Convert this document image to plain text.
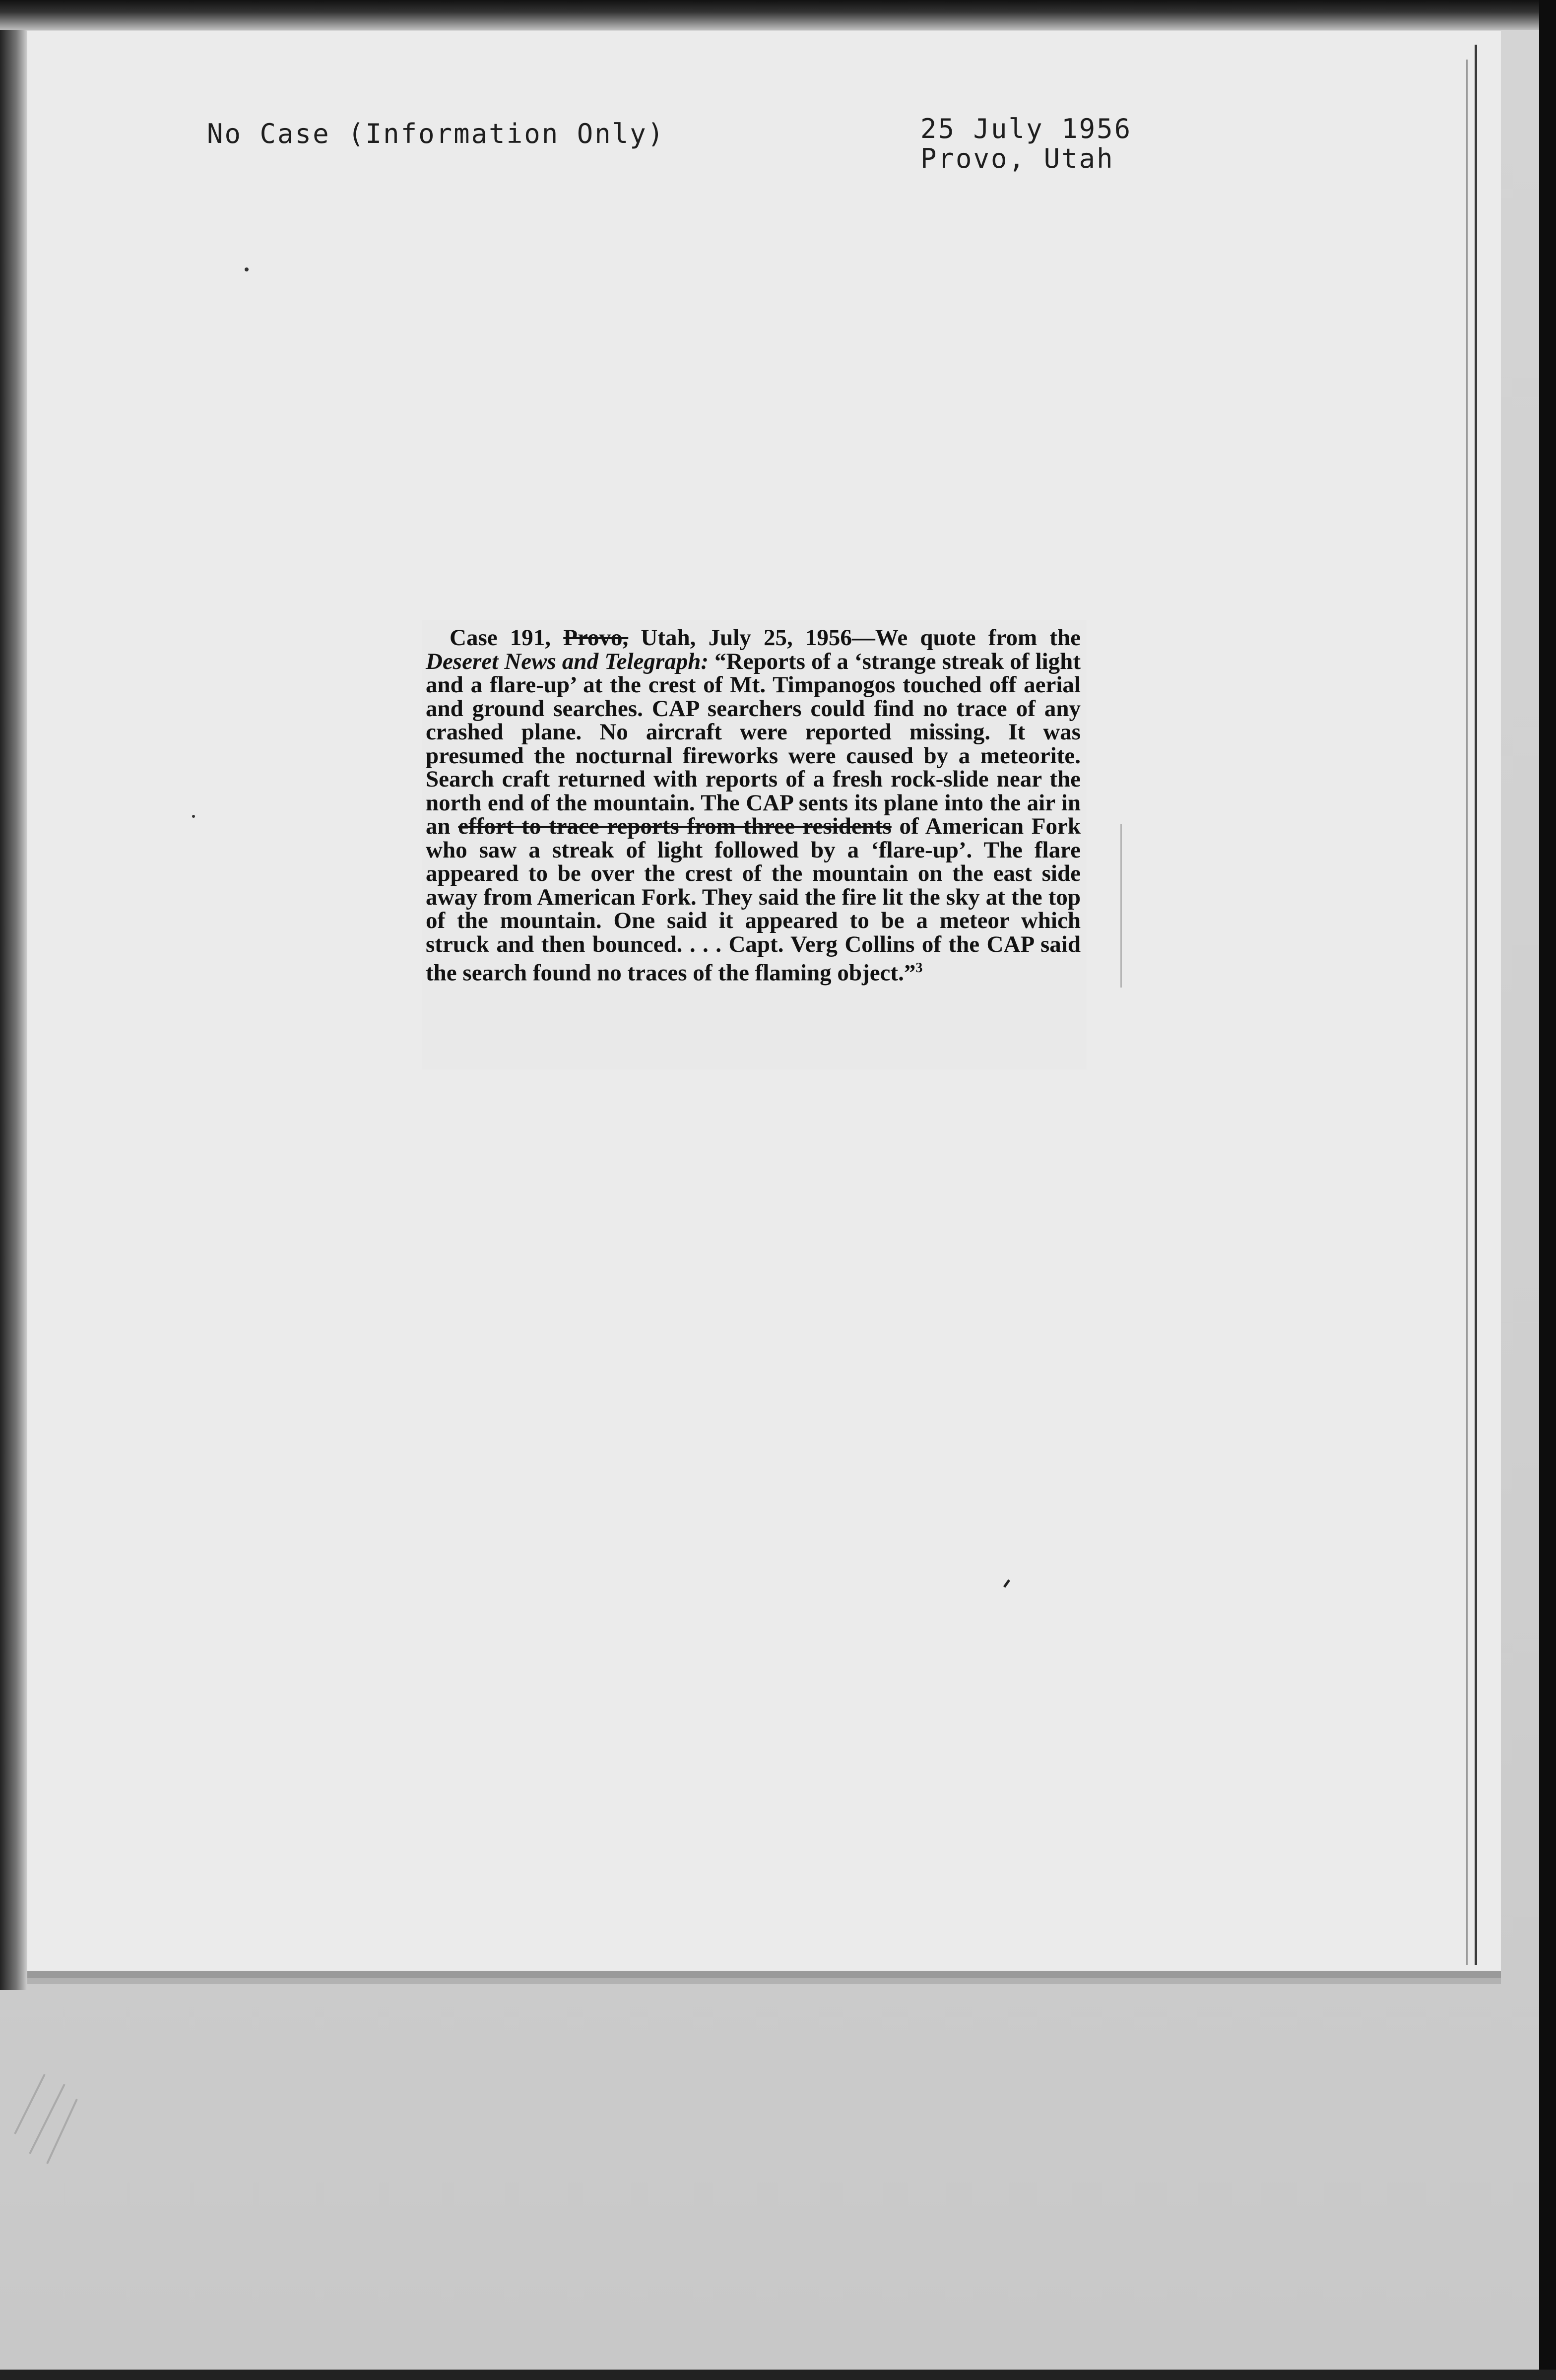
No Case (Information Only)	25 July 1956
Provo, Utah

Case 191, Provo, Utah, July 25, 1956—We quote from the Deseret News and Telegraph: “Reports of a ‘strange streak of light and a flare-up’ at the crest of Mt. Timpanogos touched off aerial and ground searches. CAP searchers could find no trace of any crashed plane. No aircraft were reported missing. It was presumed the nocturnal fireworks were caused by a meteorite. Search craft returned with reports of a fresh rock-slide near the north end of the mountain. The CAP sents its plane into the air in an effort to trace reports from three residents of American Fork who saw a streak of light followed by a ‘flare-up’. The flare appeared to be over the crest of the mountain on the east side away from American Fork. They said the fire lit the sky at the top of the mountain. One said it appeared to be a meteor which struck and then bounced. . . . Capt. Verg Collins of the CAP said the search found no traces of the flaming object.”$^3$
